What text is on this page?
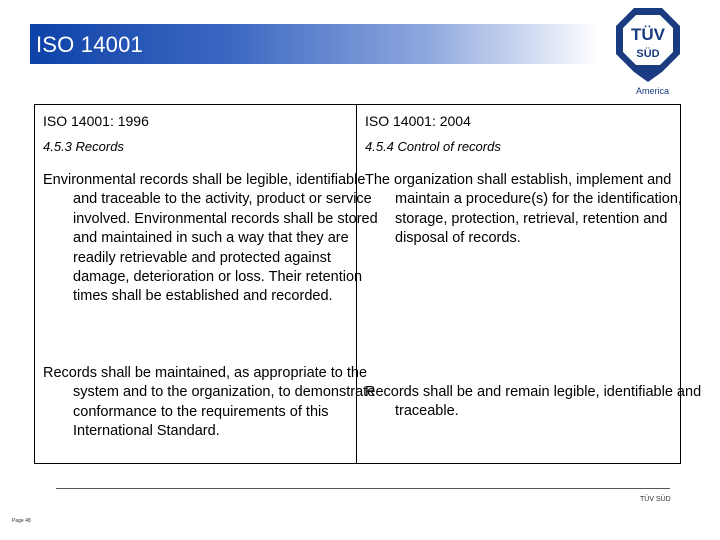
ISO 14001	TÜV
SÜD
America
ISO 14001: 1996
4.5.3 Records
Environmental records shall be legible, identifiable and traceable to the activity, product or service involved. Environmental records shall be stored and maintained in such a way that they are readily retrievable and protected against damage, deterioration or loss. Their retention times shall be established and recorded.
Records shall be maintained, as appropriate to the system and to the organization, to demonstrate conformance to the requirements of this International Standard.
ISO 14001: 2004
4.5.4 Control of records
The organization shall establish, implement and maintain a procedure(s) for the identification, storage, protection, retrieval, retention and disposal of records.
Records shall be and remain legible, identifiable and traceable.
TÜV SÜD
Page 48
